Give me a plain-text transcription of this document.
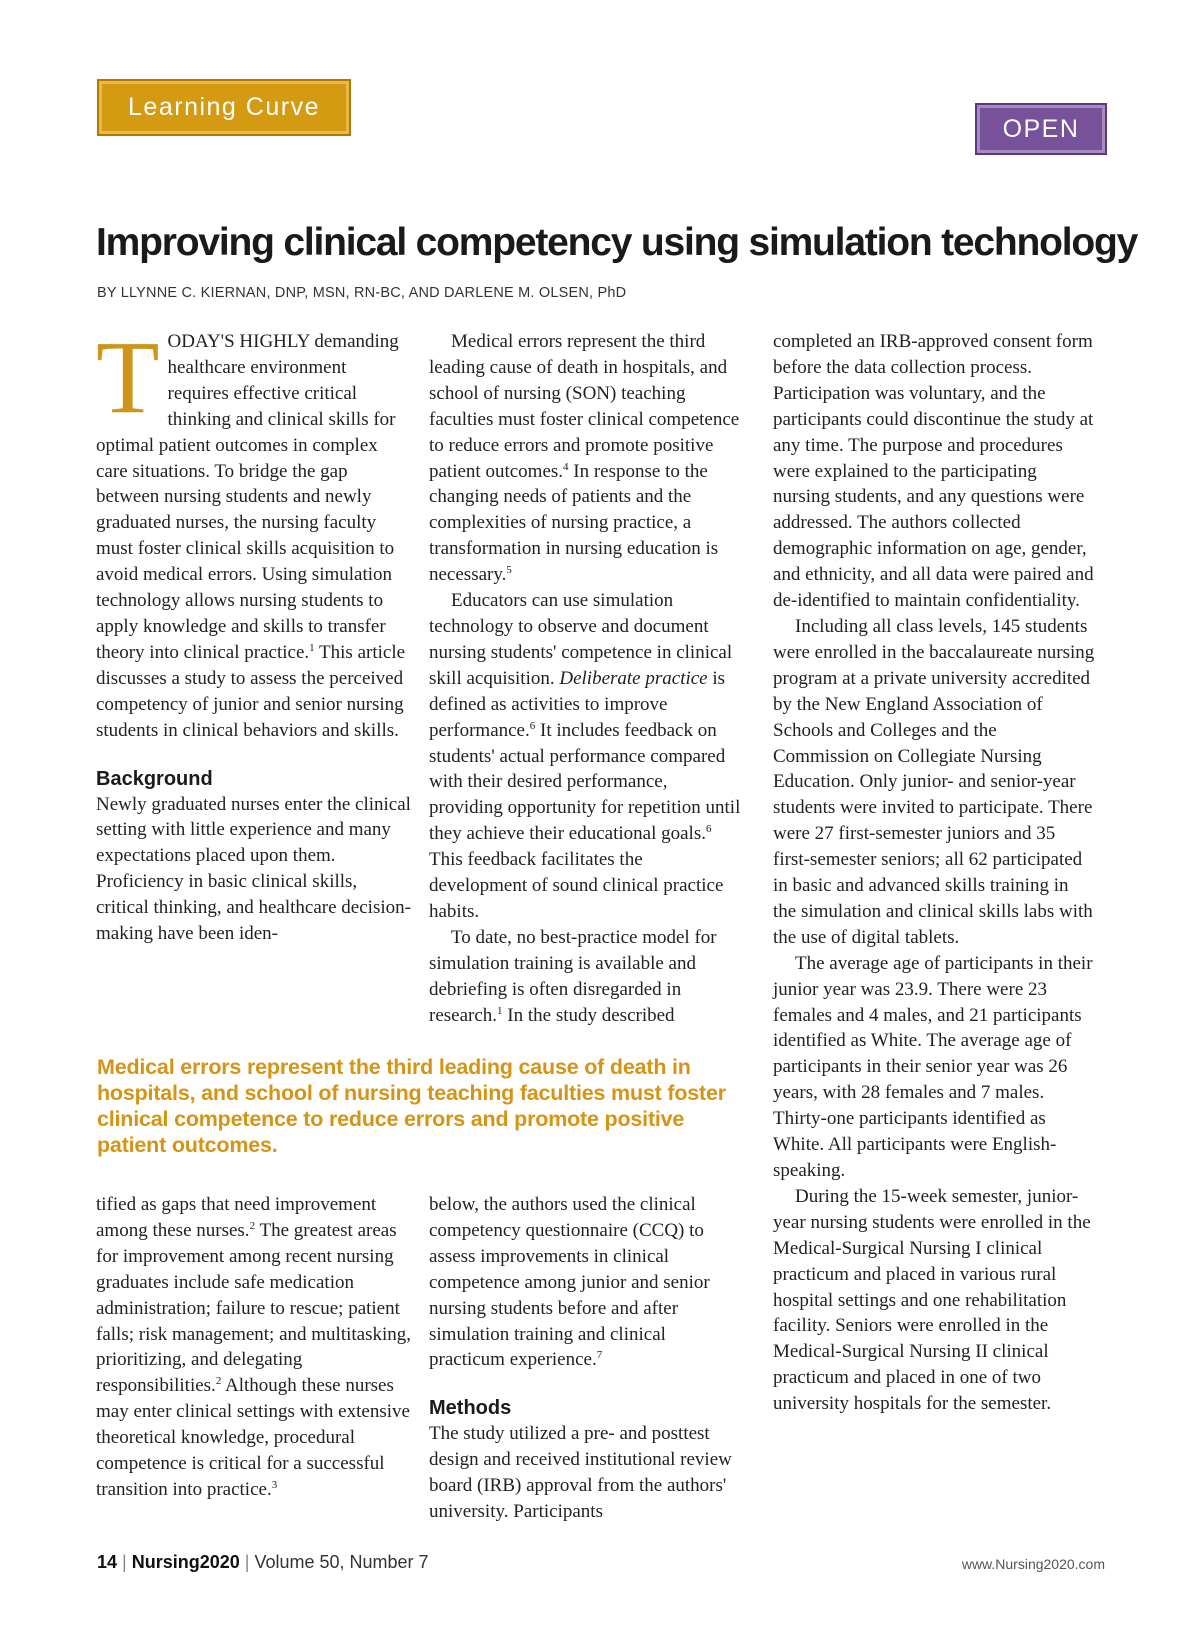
Learning Curve
OPEN
Improving clinical competency using simulation technology

BY LLYNNE C. KIERNAN, DNP, MSN, RN-BC, AND DARLENE M. OLSEN, PhD

TODAY'S HIGHLY demanding healthcare environment requires effective critical thinking and clinical skills for optimal patient outcomes in complex care situations. To bridge the gap between nursing students and newly graduated nurses, the nursing faculty must foster clinical skills acquisition to avoid medical errors. Using simulation technology allows nursing students to apply knowledge and skills to transfer theory into clinical practice.$^1$ This article discusses a study to assess the perceived competency of junior and senior nursing students in clinical behaviors and skills.

Background

Newly graduated nurses enter the clinical setting with little experience and many expectations placed upon them. Proficiency in basic clinical skills, critical thinking, and healthcare decision-making have been iden-

Medical errors represent the third leading cause of death in hospitals, and school of nursing (SON) teaching faculties must foster clinical competence to reduce errors and promote positive patient outcomes.$^4$ In response to the changing needs of patients and the complexities of nursing practice, a transformation in nursing education is necessary.$^5$

Educators can use simulation technology to observe and document nursing students' competence in clinical skill acquisition. Deliberate practice is defined as activities to improve performance.$^6$ It includes feedback on students' actual performance compared with their desired performance, providing opportunity for repetition until they achieve their educational goals.$^6$ This feedback facilitates the development of sound clinical practice habits.

To date, no best-practice model for simulation training is available and debriefing is often disregarded in research.$^1$ In the study described

Medical errors represent the third leading cause of death in hospitals, and school of nursing teaching faculties must foster clinical competence to reduce errors and promote positive patient outcomes.

tified as gaps that need improvement among these nurses.$^2$ The greatest areas for improvement among recent nursing graduates include safe medication administration; failure to rescue; patient falls; risk management; and multitasking, prioritizing, and delegating responsibilities.$^2$ Although these nurses may enter clinical settings with extensive theoretical knowledge, procedural competence is critical for a successful transition into practice.$^3$

below, the authors used the clinical competency questionnaire (CCQ) to assess improvements in clinical competence among junior and senior nursing students before and after simulation training and clinical practicum experience.$^7$

Methods

The study utilized a pre- and posttest design and received institutional review board (IRB) approval from the authors' university. Participants

completed an IRB-approved consent form before the data collection process. Participation was voluntary, and the participants could discontinue the study at any time. The purpose and procedures were explained to the participating nursing students, and any questions were addressed. The authors collected demographic information on age, gender, and ethnicity, and all data were paired and de-identified to maintain confidentiality.

Including all class levels, 145 students were enrolled in the baccalaureate nursing program at a private university accredited by the New England Association of Schools and Colleges and the Commission on Collegiate Nursing Education. Only junior- and senior-year students were invited to participate. There were 27 first-semester juniors and 35 first-semester seniors; all 62 participated in basic and advanced skills training in the simulation and clinical skills labs with the use of digital tablets.

The average age of participants in their junior year was 23.9. There were 23 females and 4 males, and 21 participants identified as White. The average age of participants in their senior year was 26 years, with 28 females and 7 males. Thirty-one participants identified as White. All participants were English-speaking.

During the 15-week semester, junior-year nursing students were enrolled in the Medical-Surgical Nursing I clinical practicum and placed in various rural hospital settings and one rehabilitation facility. Seniors were enrolled in the Medical-Surgical Nursing II clinical practicum and placed in one of two university hospitals for the semester.

14 | Nursing2020 | Volume 50, Number 7	www.Nursing2020.com
